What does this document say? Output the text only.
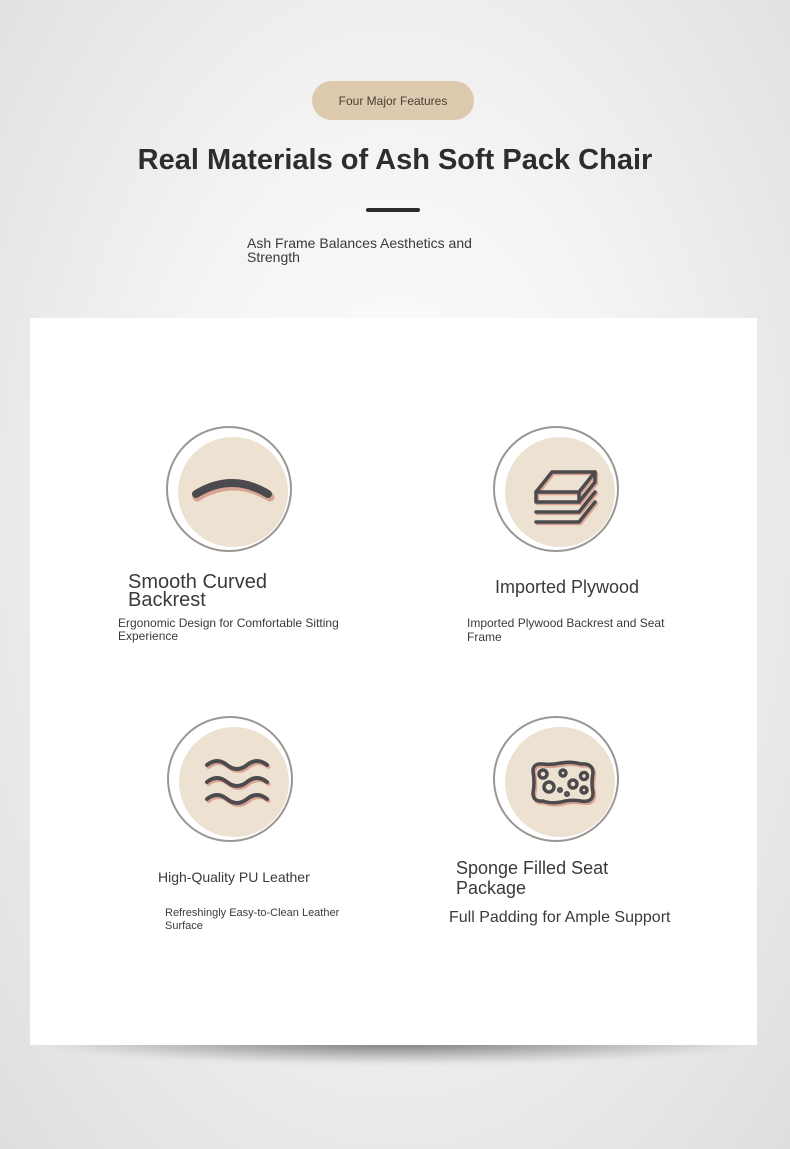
Four Major Features
Real Materials of Ash Soft Pack Chair

Ash Frame Balances Aesthetics and Strength

Smooth Curved Backrest

Ergonomic Design for Comfortable Sitting Experience

Imported Plywood

Imported Plywood Backrest and Seat Frame

High-Quality PU Leather

Refreshingly Easy-to-Clean Leather Surface

Sponge Filled Seat Package

Full Padding for Ample Support
